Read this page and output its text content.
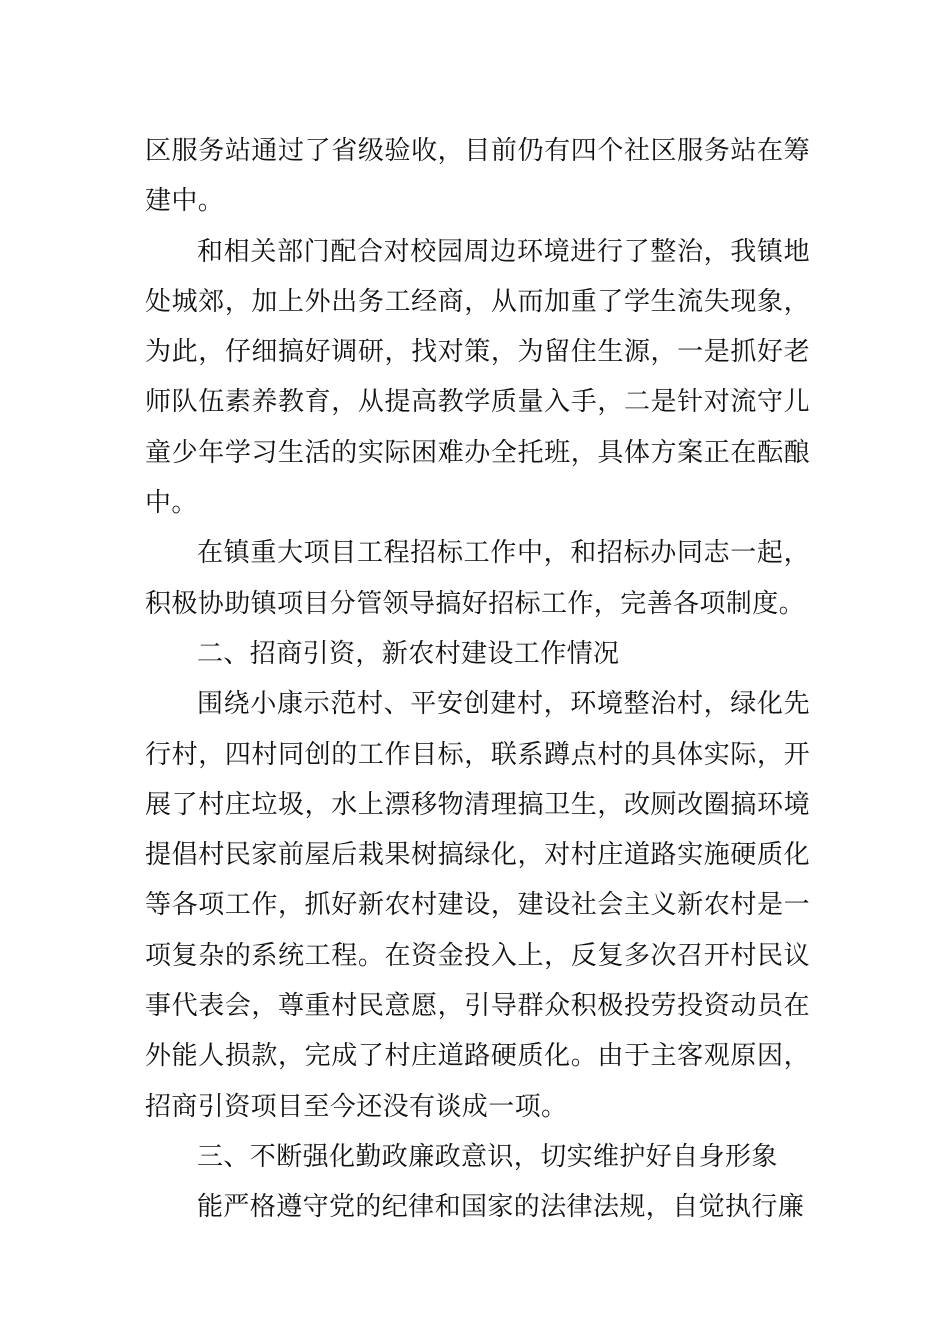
区服务站通过了省级验收，目前仍有四个社区服务站在筹建中。

和相关部门配合对校园周边环境进行了整治，我镇地处城郊，加上外出务工经商，从而加重了学生流失现象，为此，仔细搞好调研，找对策，为留住生源，一是抓好老师队伍素养教育，从提高教学质量入手，二是针对流守儿童少年学习生活的实际困难办全托班，具体方案正在酝酿中。

在镇重大项目工程招标工作中，和招标办同志一起，积极协助镇项目分管领导搞好招标工作，完善各项制度。

二、招商引资，新农村建设工作情况

围绕小康示范村、平安创建村，环境整治村，绿化先行村，四村同创的工作目标，联系蹲点村的具体实际，开展了村庄垃圾，水上漂移物清理搞卫生，改厕改圈搞环境提倡村民家前屋后栽果树搞绿化，对村庄道路实施硬质化等各项工作，抓好新农村建设，建设社会主义新农村是一项复杂的系统工程。在资金投入上，反复多次召开村民议事代表会，尊重村民意愿，引导群众积极投劳投资动员在外能人损款，完成了村庄道路硬质化。由于主客观原因，招商引资项目至今还没有谈成一项。

三、不断强化勤政廉政意识，切实维护好自身形象

能严格遵守党的纪律和国家的法律法规，自觉执行廉
